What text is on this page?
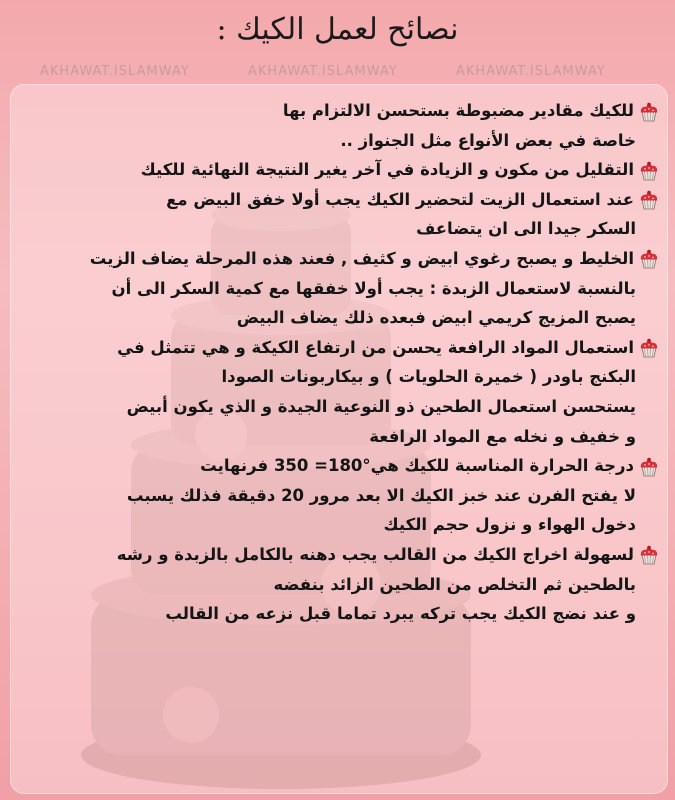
نصائح لعمل الكيك :
AKHAWAT.ISLAMWAY	AKHAWAT.ISLAMWAY	AKHAWAT.ISLAMWAY
للكيك مقادير مضبوطة بستحسن الالتزام بها
خاصة في بعض الأنواع مثل الجنواز ..
التقليل من مكون و الزيادة في آخر يغير النتيجة النهائية للكيك
عند استعمال الزيت لتحضير الكيك يجب أولا خفق البيض مع
السكر جيدا الى ان يتضاعف
الخليط و يصبح رغوي ابيض و كثيف , فعند هذه المرحلة يضاف الزيت
بالنسبة لاستعمال الزبدة : يجب أولا خفقها مع كمية السكر الى أن
يصبح المزيج كريمي ابيض فبعده ذلك يضاف البيض
استعمال المواد الرافعة يحسن من ارتفاع الكيكة و هي تتمثل في
البكنج باودر ( خميرة الحلويات ) و بيكاربونات الصودا
يستحسن استعمال الطحين ذو النوعية الجيدة و الذي يكون أبيض
و خفيف و نخله مع المواد الرافعة
درجة الحرارة المناسبة للكيك هي°180= 350 فرنهايت
لا يفتح الفرن عند خبز الكيك الا بعد مرور 20 دقيقة فذلك يسبب
دخول الهواء و نزول حجم الكيك
لسهولة اخراج الكيك من القالب يجب دهنه بالكامل بالزبدة و رشه
بالطحين ثم التخلص من الطحين الزائد بنفضه
و عند نضج الكيك يجب تركه يبرد تماما قبل نزعه من القالب
